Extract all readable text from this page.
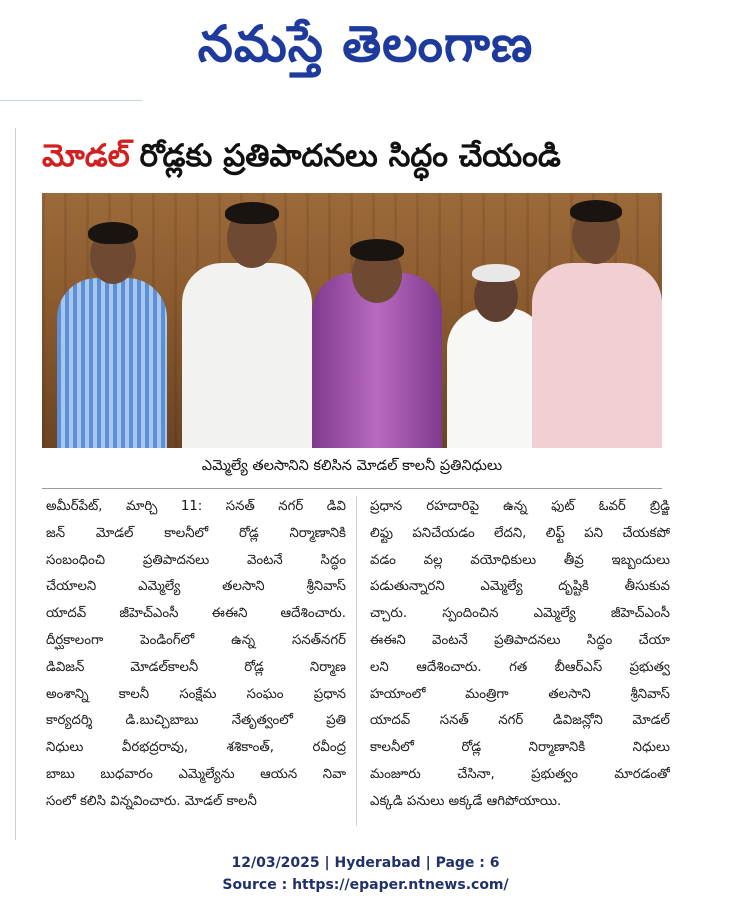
నమస్తే తెలంగాణ
మోడల్ రోడ్లకు ప్రతిపాదనలు సిద్ధం చేయండి
ఎమ్మెల్యే తలసానిని కలిసిన మోడల్ కాలనీ ప్రతినిధులు
అమీర్‌పేట్, మార్చి 11: సనత్ నగర్ డివి
జన్ మోడల్ కాలనీలో రోడ్ల నిర్మాణానికి
సంబంధించి ప్రతిపాదనలు వెంటనే సిద్ధం
చేయాలని ఎమ్మెల్యే తలసాని శ్రీనివాస్
యాదవ్ జీహెచ్‌ఎంసీ ఈఈని ఆదేశించారు.
దీర్ఘకాలంగా పెండింగ్‌లో ఉన్న సనత్‌నగర్
డివిజన్ మోడల్‌కాలనీ రోడ్ల నిర్మాణ
అంశాన్ని కాలనీ సంక్షేమ సంఘం ప్రధాన
కార్యదర్శి డి.బుచ్చిబాబు నేతృత్వంలో ప్రతి
నిధులు వీరభద్రరావు, శశికాంత్, రవీంద్ర
బాబు బుధవారం ఎమ్మెల్యేను ఆయన నివా
సంలో కలిసి విన్నవించారు. మోడల్ కాలనీ
ప్రధాన రహదారిపై ఉన్న ఫుట్ ఓవర్ బ్రిడ్జి
లిఫ్టు పనిచేయడం లేదని, లిఫ్ట్ పని చేయకపో
వడం వల్ల వయోధికులు తీవ్ర ఇబ్బందులు
పడుతున్నారని ఎమ్మెల్యే దృష్టికి తీసుకువ
చ్చారు. స్పందించిన ఎమ్మెల్యే జీహెచ్‌ఎంసీ
ఈఈని వెంటనే ప్రతిపాదనలు సిద్ధం చేయా
లని ఆదేశించారు. గత బీఆర్‌ఎస్ ప్రభుత్వ
హయాంలో మంత్రిగా తలసాని శ్రీనివాస్
యాదవ్ సనత్ నగర్ డివిజన్లోని మోడల్
కాలనీలో రోడ్ల నిర్మాణానికి నిధులు
మంజూరు చేసినా, ప్రభుత్వం మారడంతో
ఎక్కడి పనులు అక్కడే ఆగిపోయాయి.
12/03/2025 | Hyderabad | Page : 6
Source : https://epaper.ntnews.com/
